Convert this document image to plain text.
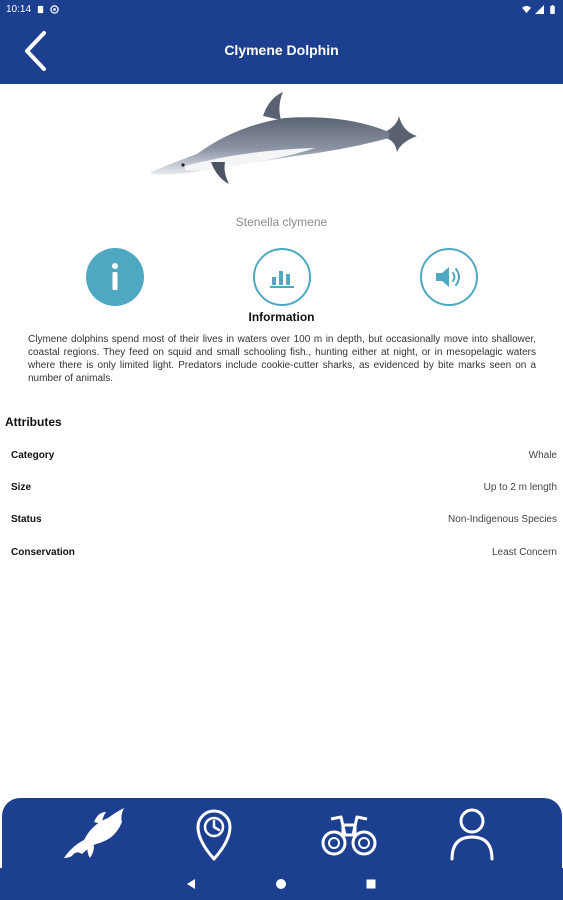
10:14
Clymene Dolphin
Stenella clymene
Information

Clymene dolphins spend most of their lives in waters over 100 m in depth, but occasionally move into shallower, coastal regions. They feed on squid and small schooling fish., hunting either at night, or in mesopelagic waters where there is only limited light. Predators include cookie-cutter sharks, as evidenced by bite marks seen on a number of animals.

Attributes
Category	Whale
Size	Up to 2 m length
Status	Non-Indigenous Species
Conservation	Least Concern
